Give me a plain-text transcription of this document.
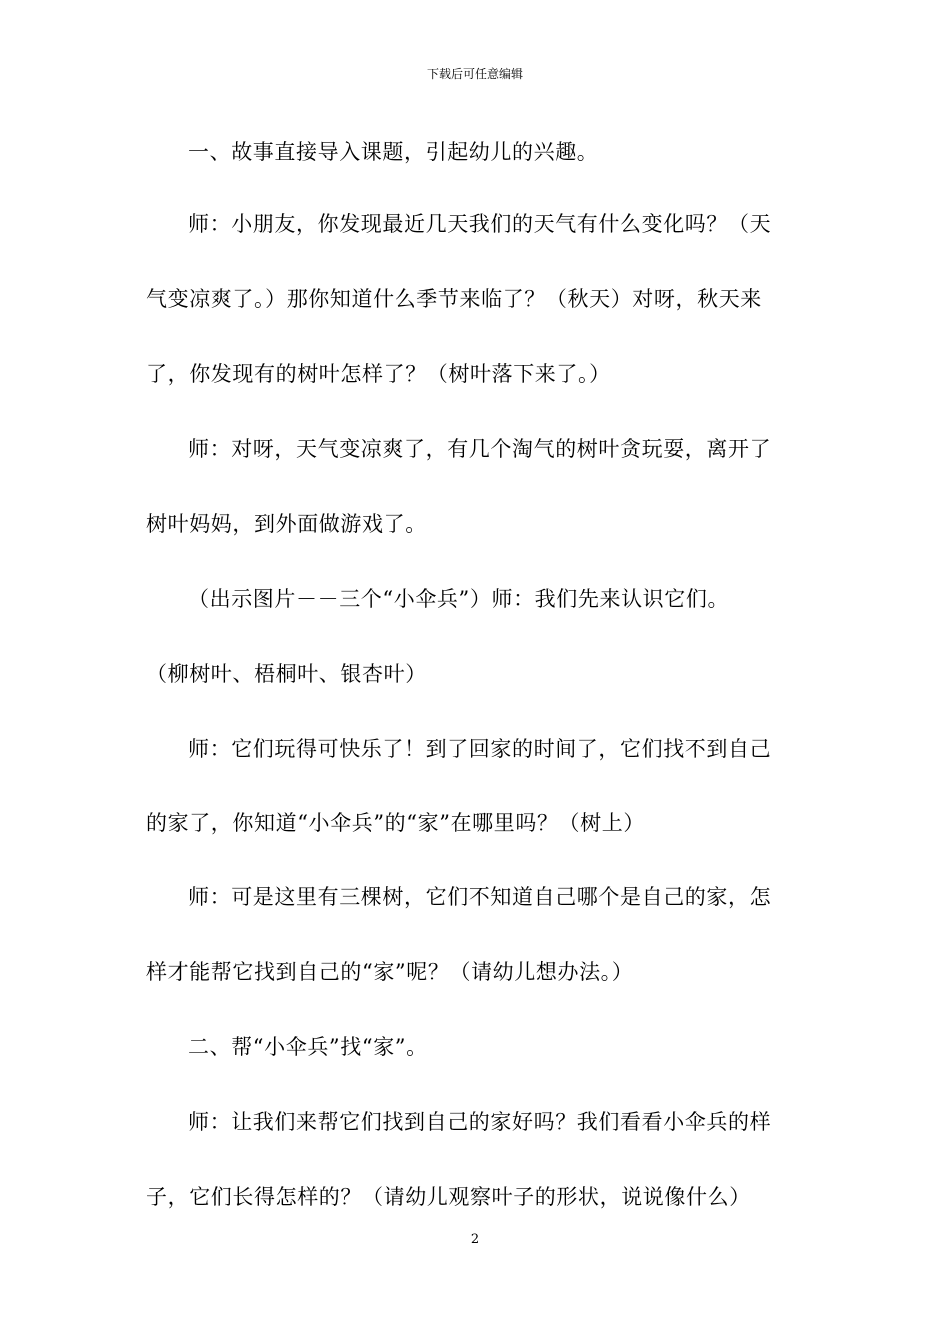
下载后可任意编辑
一、故事直接导入课题，引起幼儿的兴趣。
师：小朋友，你发现最近几天我们的天气有什么变化吗？（天
气变凉爽了。）那你知道什么季节来临了？（秋天）对呀，秋天来
了，你发现有的树叶怎样了？（树叶落下来了。）
师：对呀，天气变凉爽了，有几个淘气的树叶贪玩耍，离开了
树叶妈妈，到外面做游戏了。
（出示图片－－三个“小伞兵”）师：我们先来认识它们。
（柳树叶、梧桐叶、银杏叶）
师：它们玩得可快乐了！到了回家的时间了，它们找不到自己
的家了，你知道“小伞兵”的“家”在哪里吗？（树上）
师：可是这里有三棵树，它们不知道自己哪个是自己的家，怎
样才能帮它找到自己的“家”呢？（请幼儿想办法。）
二、帮“小伞兵”找“家”。
师：让我们来帮它们找到自己的家好吗？我们看看小伞兵的样
子，它们长得怎样的？（请幼儿观察叶子的形状，说说像什么）
2
